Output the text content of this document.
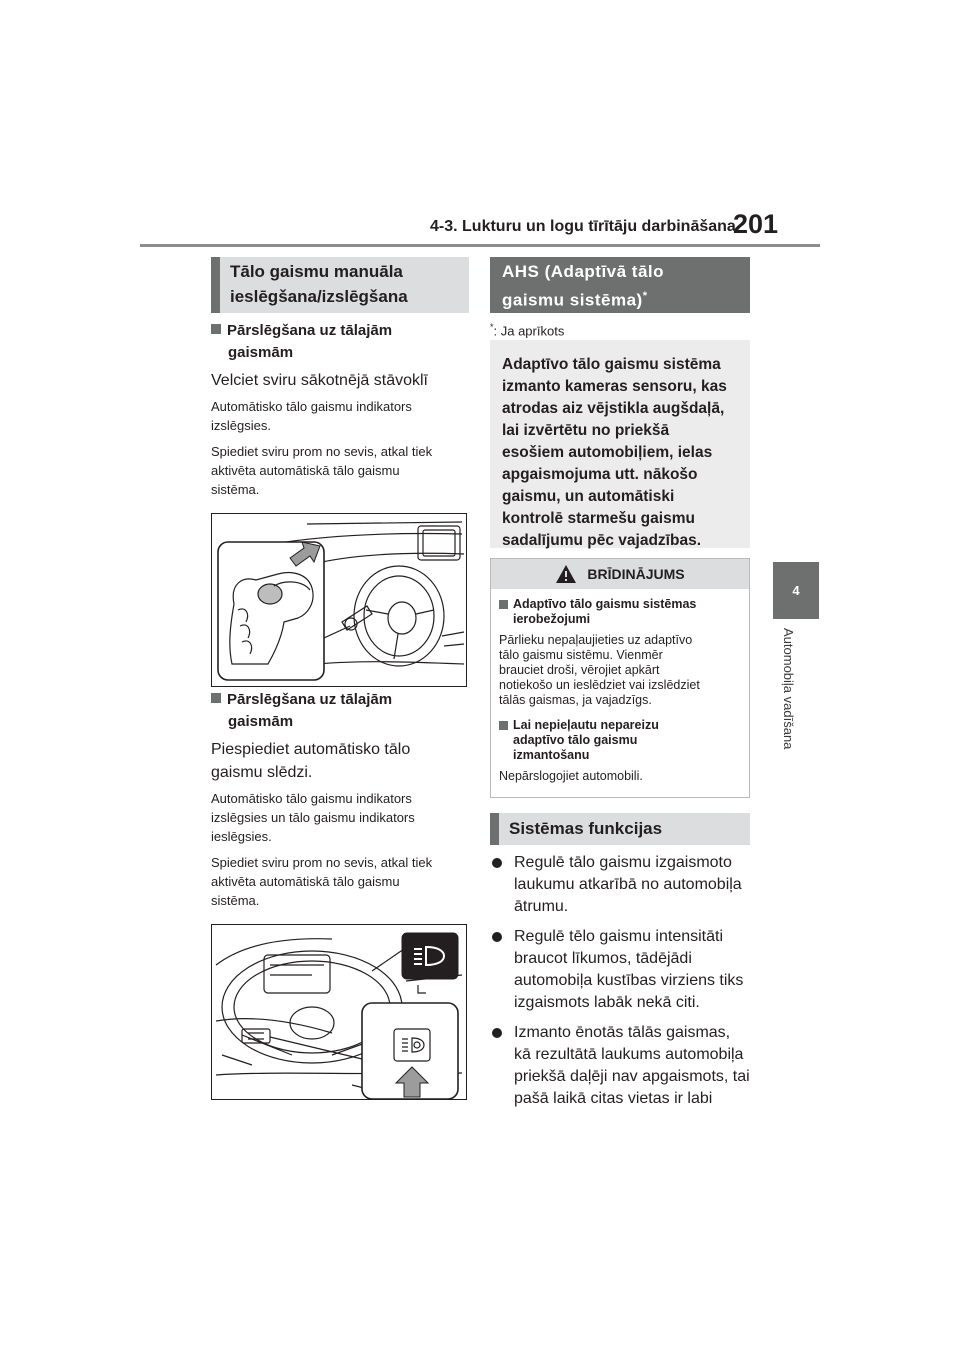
4-3. Lukturu un logu tīrītāju darbināšana
201
4
Automobiļa vadīšana
Tālo gaismu manuāla
ieslēgšana/izslēgšana
Pārslēgšana uz tālajām
gaismām
Velciet sviru sākotnējā stāvoklī
Automātisko tālo gaismu indikators
izslēgsies.
Spiediet sviru prom no sevis, atkal tiek
aktivēta automātiskā tālo gaismu
sistēma.
Pārslēgšana uz tālajām
gaismām
Piespiediet automātisko tālo
gaismu slēdzi.
Automātisko tālo gaismu indikators
izslēgsies un tālo gaismu indikators
ieslēgsies.
Spiediet sviru prom no sevis, atkal tiek
aktivēta automātiskā tālo gaismu
sistēma.
AHS (Adaptīvā tālo
gaismu sistēma)*
*: Ja aprīkots
Adaptīvo tālo gaismu sistēma
izmanto kameras sensoru, kas
atrodas aiz vējstikla augšdaļā,
lai izvērtētu no priekšā
esošiem automobiļiem, ielas
apgaismojuma utt. nākošo
gaismu, un automātiski
kontrolē starmešu gaismu
sadalījumu pēc vajadzības.
BRĪDINĀJUMS
Adaptīvo tālo gaismu sistēmas
ierobežojumi

Pārlieku nepaļaujieties uz adaptīvo
tālo gaismu sistēmu. Vienmēr
brauciet droši, vērojiet apkārt
notiekošo un ieslēdziet vai izslēdziet
tālās gaismas, ja vajadzīgs.

Lai nepieļautu nepareizu
adaptīvo tālo gaismu
izmantošanu

Nepārslogojiet automobili.

Sistēmas funkcijas
Regulē tālo gaismu izgaismoto
laukumu atkarībā no automobiļa
ātrumu.
Regulē tēlo gaismu intensitāti
braucot līkumos, tādējādi
automobiļa kustības virziens tiks
izgaismots labāk nekā citi.
Izmanto ēnotās tālās gaismas,
kā rezultātā laukums automobiļa
priekšā daļēji nav apgaismots, tai
pašā laikā citas vietas ir labi
